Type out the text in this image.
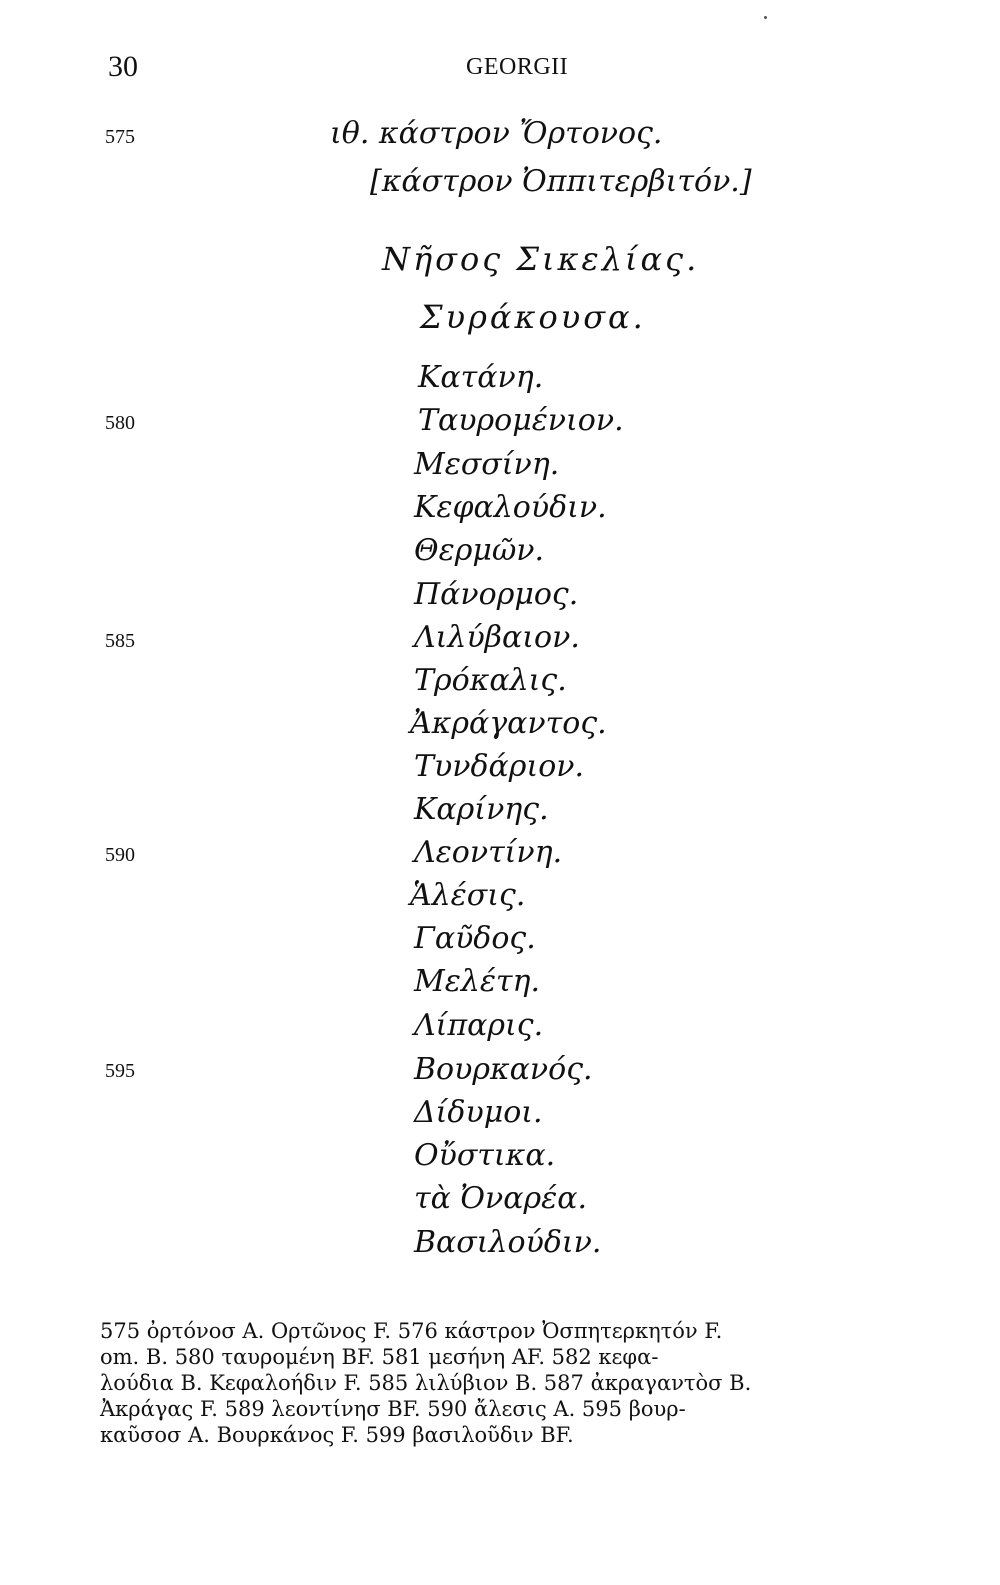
30	GEORGII
575
580
585
590
595
ιθ. κάστρον Ὄρτονος.
[κάστρον Ὀππιτερβιτόν.]
Νῆσος Σικελίας.
Συράκουσα.
Κατάνη.
Ταυρομένιον.
Μεσσίνη.
Κεφαλούδιν.
Θερμῶν.
Πάνορμος.
Λιλύβαιον.
Τρόκαλις.
Ἀκράγαντος.
Τυνδάριον.
Καρίνης.
Λεοντίνη.
Ἁλέσις.
Γαῦδος.
Μελέτη.
Λίπαρις.
Βουρκανός.
Δίδυμοι.
Οὔστικα.
τὰ Ὀναρέα.
Βασιλούδιν.
575 ὀρτόνοσ A. Ορτῶνος F. 576 κάστρον Ὀσπητερκητόν F.
om. B. 580 ταυρομένη BF. 581 μεσήνη AF. 582 κεφα-
λούδια B. Κεφαλοήδιν F. 585 λιλύβιον B. 587 ἀκραγαντὸσ B.
Ἀκράγας F. 589 λεοντίνησ BF. 590 ἄλεσις A. 595 βουρ-
καῦσοσ A. Βουρκάνος F. 599 βασιλοῦδιν BF.
